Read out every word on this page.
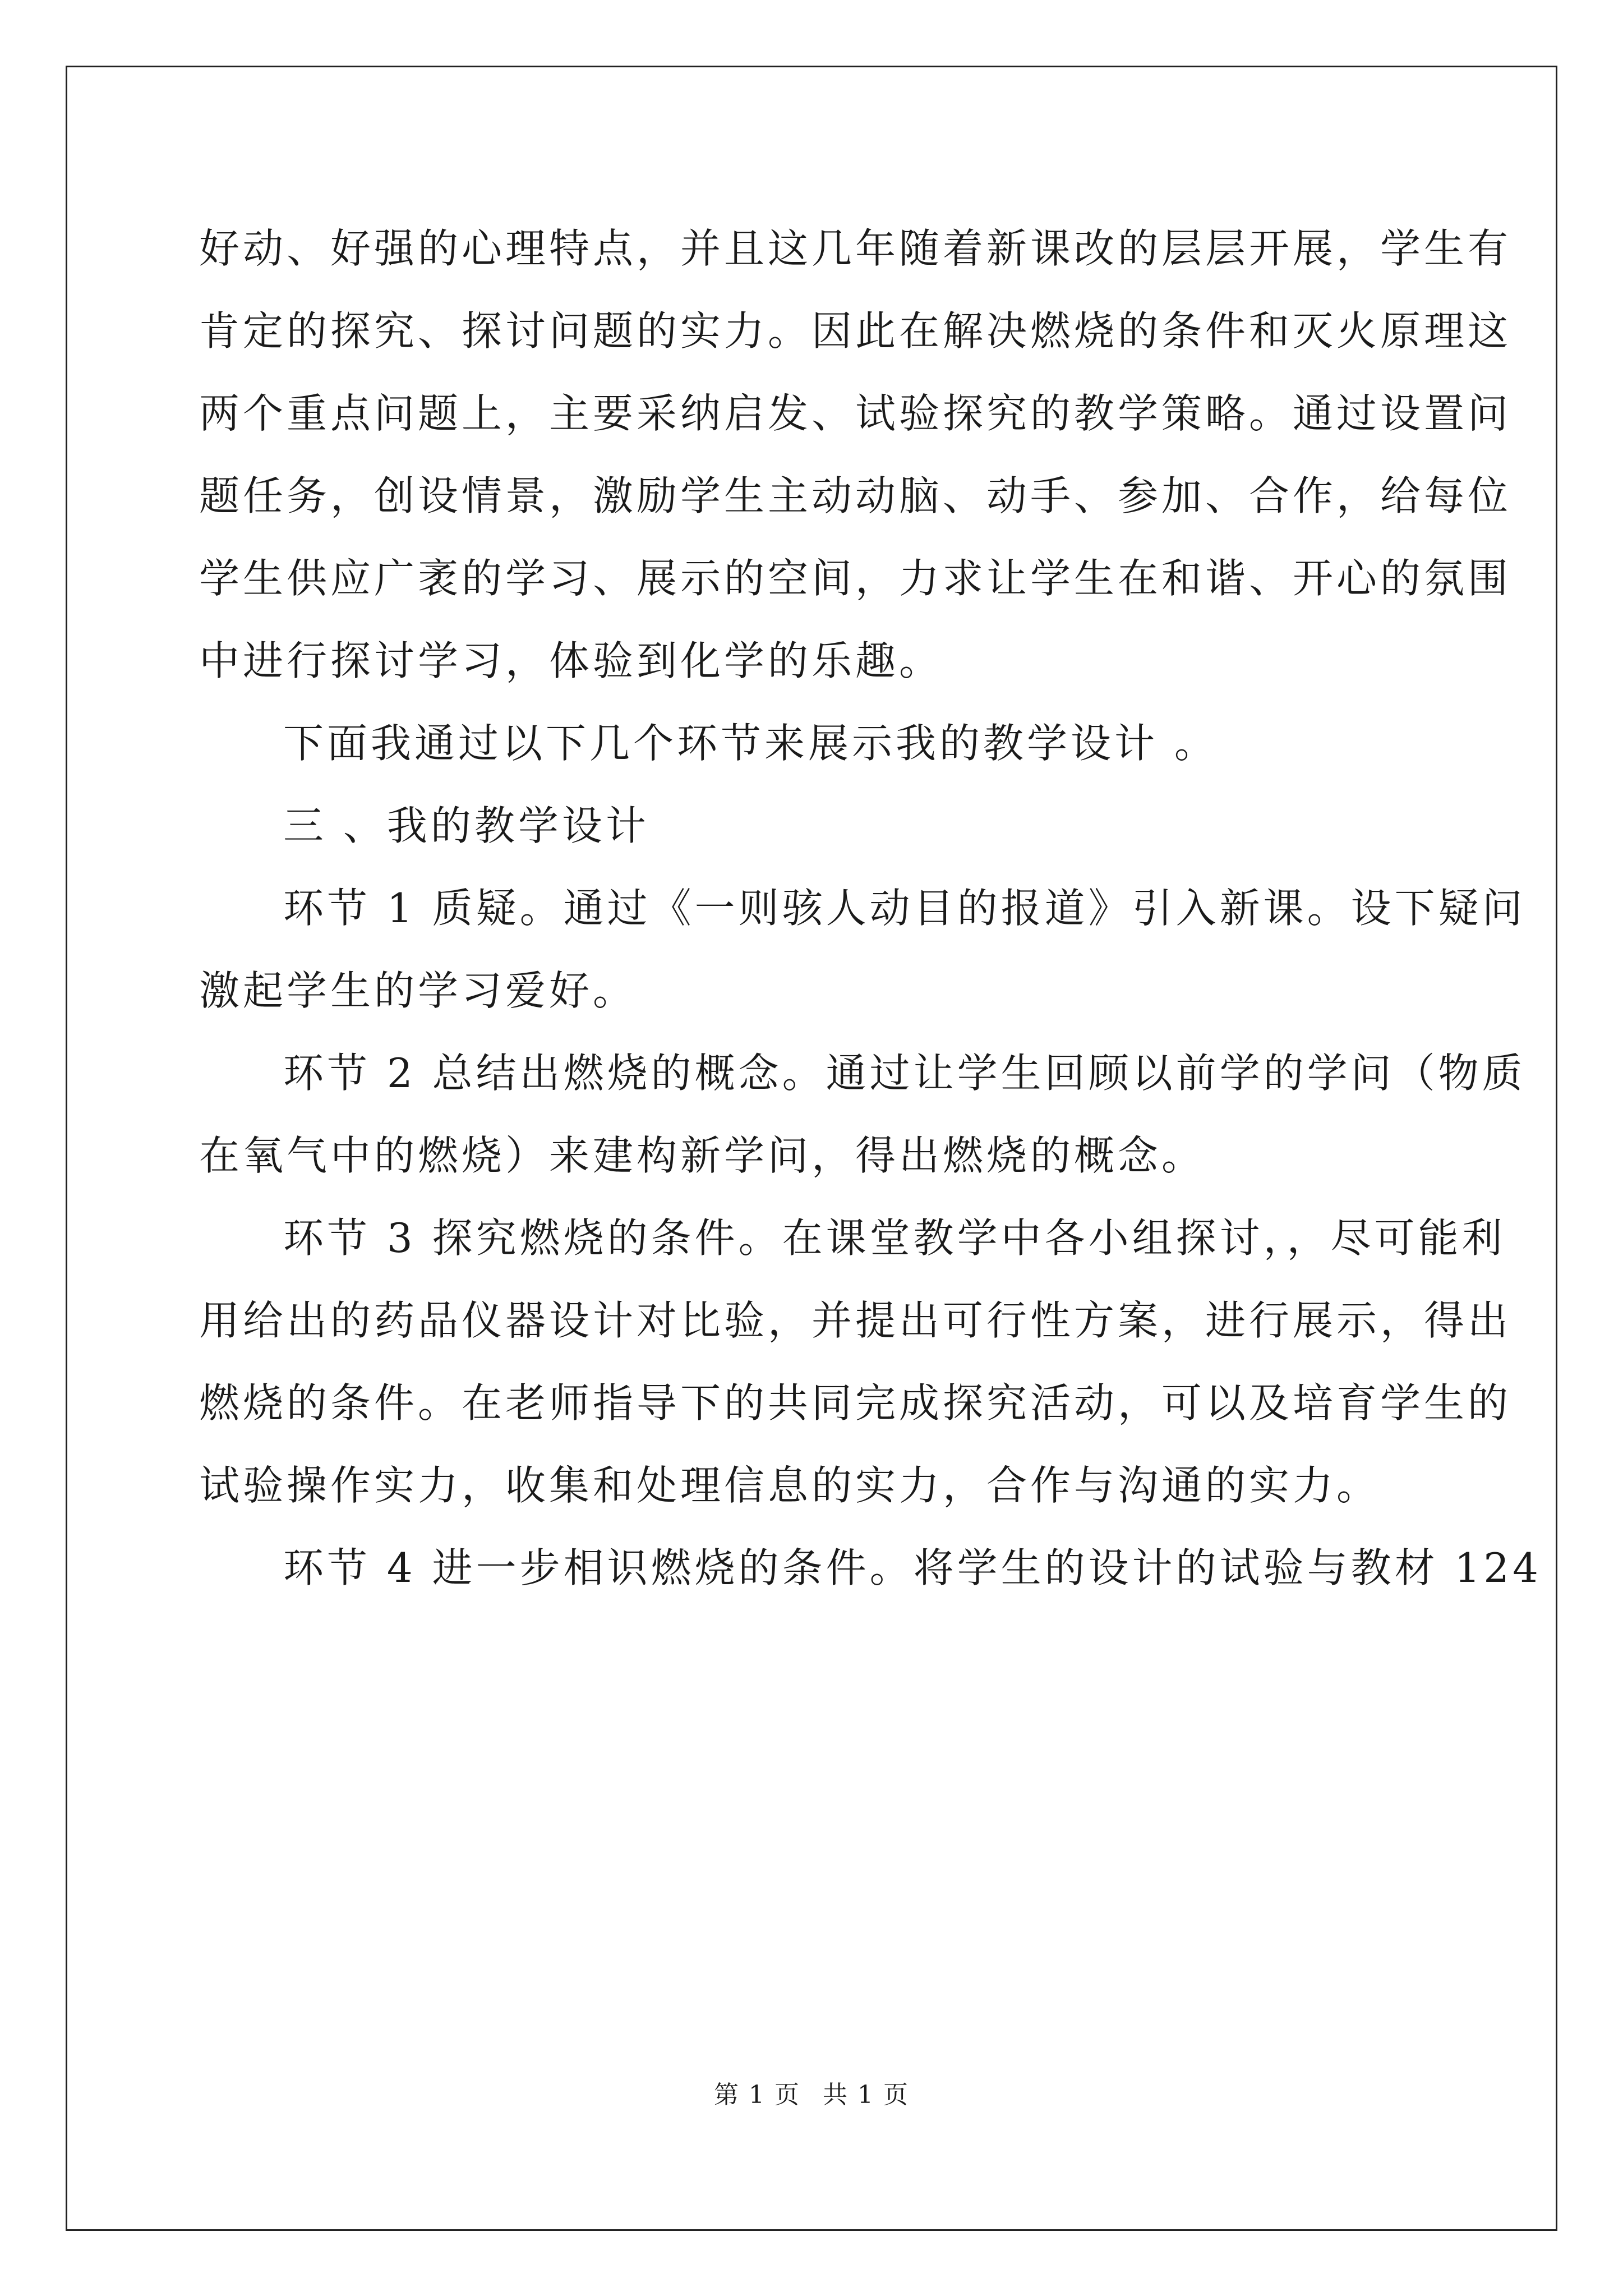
好动、好强的心理特点，并且这几年随着新课改的层层开展，学生有
肯定的探究、探讨问题的实力。因此在解决燃烧的条件和灭火原理这
两个重点问题上，主要采纳启发、试验探究的教学策略。通过设置问
题任务，创设情景，激励学生主动动脑、动手、参加、合作，给每位
学生供应广袤的学习、展示的空间，力求让学生在和谐、开心的氛围
中进行探讨学习，体验到化学的乐趣。

下面我通过以下几个环节来展示我的教学设计 。

三 、我的教学设计

环节 1 质疑。通过《一则骇人动目的报道》引入新课。设下疑问
激起学生的学习爱好。

环节 2 总结出燃烧的概念。通过让学生回顾以前学的学问（物质
在氧气中的燃烧）来建构新学问，得出燃烧的概念。

环节 3 探究燃烧的条件。在课堂教学中各小组探讨，，尽可能利
用给出的药品仪器设计对比验，并提出可行性方案，进行展示，得出
燃烧的条件。在老师指导下的共同完成探究活动，可以及培育学生的
试验操作实力，收集和处理信息的实力，合作与沟通的实力。

环节 4 进一步相识燃烧的条件。将学生的设计的试验与教材 124

第 1 页 共 1 页
